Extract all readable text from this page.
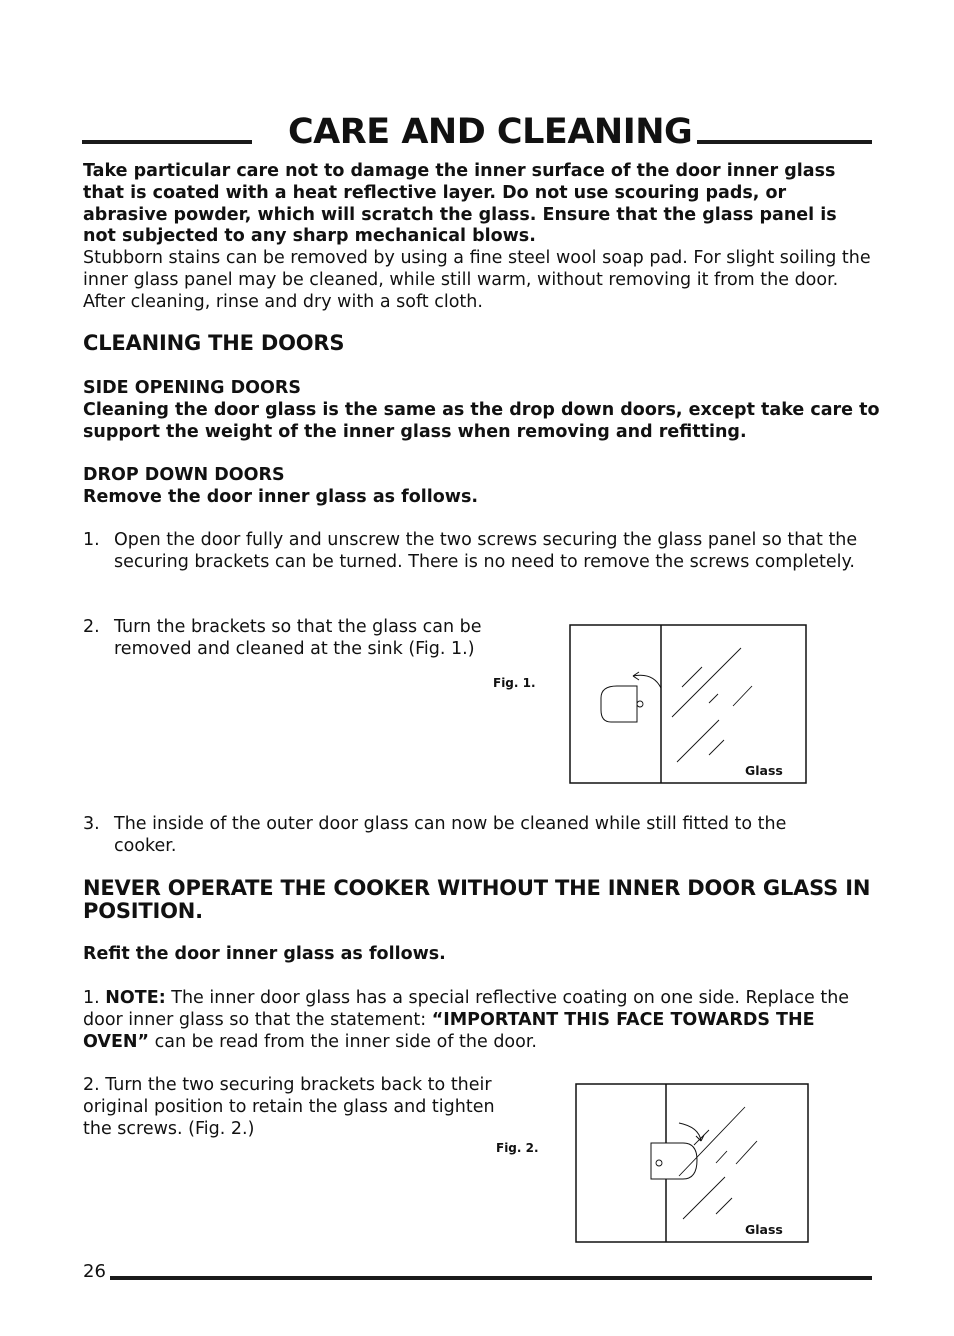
CARE AND CLEANING
Take particular care not to damage the inner surface of the door inner glass that is coated with a heat reflective layer. Do not use scouring pads, or abrasive powder, which will scratch the glass. Ensure that the glass panel is not subjected to any sharp mechanical blows.
Stubborn stains can be removed by using a fine steel wool soap pad. For slight soiling the inner glass panel may be cleaned, while still warm, without removing it from the door. After cleaning, rinse and dry with a soft cloth.
CLEANING THE DOORS
SIDE OPENING DOORS
Cleaning the door glass is the same as the drop down doors, except take care to support the weight of the inner glass when removing and refitting.
DROP DOWN DOORS
Remove the door inner glass as follows.
1. Open the door fully and unscrew the two screws securing the glass panel so that the securing brackets can be turned. There is no need to remove the screws completely.
2. Turn the brackets so that the glass can be removed and cleaned at the sink (Fig. 1.)
Fig. 1.
Glass
3. The inside of the outer door glass can now be cleaned while still fitted to the cooker.
NEVER OPERATE THE COOKER WITHOUT THE INNER DOOR GLASS IN POSITION.
Refit the door inner glass as follows.
1. NOTE: The inner door glass has a special reflective coating on one side. Replace the door inner glass so that the statement: “IMPORTANT THIS FACE TOWARDS THE OVEN” can be read from the inner side of the door.
2. Turn the two securing brackets back to their original position to retain the glass and tighten the screws. (Fig. 2.)
Fig. 2.
Glass
26
